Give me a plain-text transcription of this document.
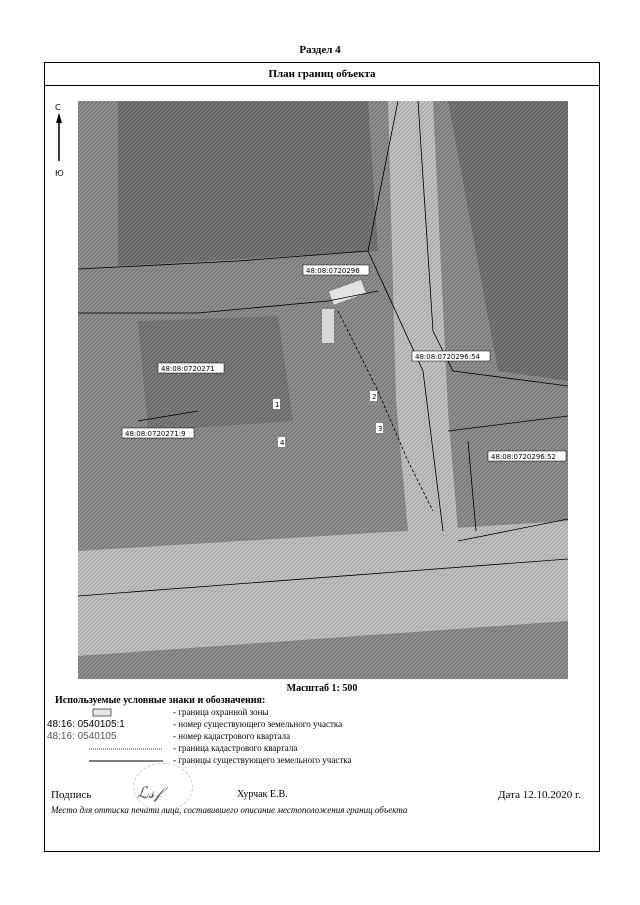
Раздел 4
План границ объекта
С
Ю
48:08:0720296
48:08:0720271
48:08:0720271:9
48:08:0720296:54
48:08:0720296:52
1
2
3
4
Масштаб 1: 500
Используемые условные знаки и обозначения:
- граница охранной зоны
48:16: 0540105:1	- номер существующего земельного участка
48:16: 0540105	- номер кадастрового квартала
- граница кадастрового квартала
- границы существующего земельного участка
ℒ𝓈𝒻
Подпись	Хурчак Е.В.	Дата 12.10.2020 г.
Место для оттиска печати лица, составившего описание местоположения границ объекта
